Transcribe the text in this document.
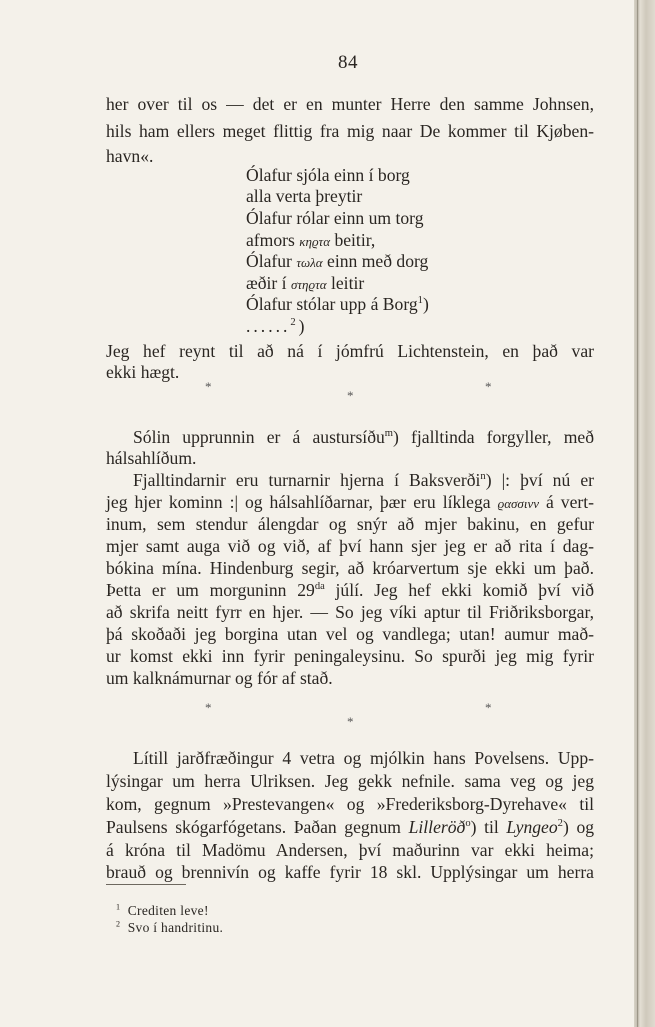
84
her over til os — det er en munter Herre den samme Johnsen,
hils ham ellers meget flittig fra mig naar De kommer til Kjøben-
havn«.
Ólafur sjóla einn í borg
alla verta þreytir
Ólafur rólar einn um torg
afmors κηϱτα beitir,
Ólafur τωλα einn með dorg
æðir í στηϱτα leitir
Ólafur stólar upp á Borg$^1$)
......$^2$)
Jeg hef reynt til að ná í jómfrú Lichtenstein, en það var
ekki hægt.
*
*
*
Sólin upprunnin er á austursíðu$^m$) fjalltinda forgyller, með
hálsahlíðum.
Fjalltindarnir eru turnarnir hjerna í Baksverði$^n$) |: því nú er
jeg hjer kominn :| og hálsahlíðarnar, þær eru líklega ϱασσινν á vert-
inum, sem stendur álengdar og snýr að mjer bakinu, en gefur
mjer samt auga við og við, af því hann sjer jeg er að rita í dag-
bókina mína. Hindenburg segir, að króarvertum sje ekki um það.
Þetta er um morguninn $29^{da}$ júlí. Jeg hef ekki komið því við
að skrifa neitt fyrr en hjer. — So jeg víki aptur til Friðriksborgar,
þá skoðaði jeg borgina utan vel og vandlega; utan! aumur mað-
ur komst ekki inn fyrir peningaleysinu. So spurði jeg mig fyrir
um kalknámurnar og fór af stað.
*
*
*
Lítill jarðfræðingur 4 vetra og mjólkin hans Povelsens. Upp-
lýsingar um herra Ulriksen. Jeg gekk nefnile. sama veg og jeg
kom, gegnum »Prestevangen« og »Frederiksborg-Dyrehave« til
Paulsens skógarfógetans. Þaðan gegnum Lilleröð$^o$) til Lyngeo$^2$) og
á króna til Madömu Andersen, því maðurinn var ekki heima;
brauð og brennivín og kaffe fyrir 18 skl. Upplýsingar um herra
$^1$ Crediten leve!
$^2$ Svo í handritinu.
